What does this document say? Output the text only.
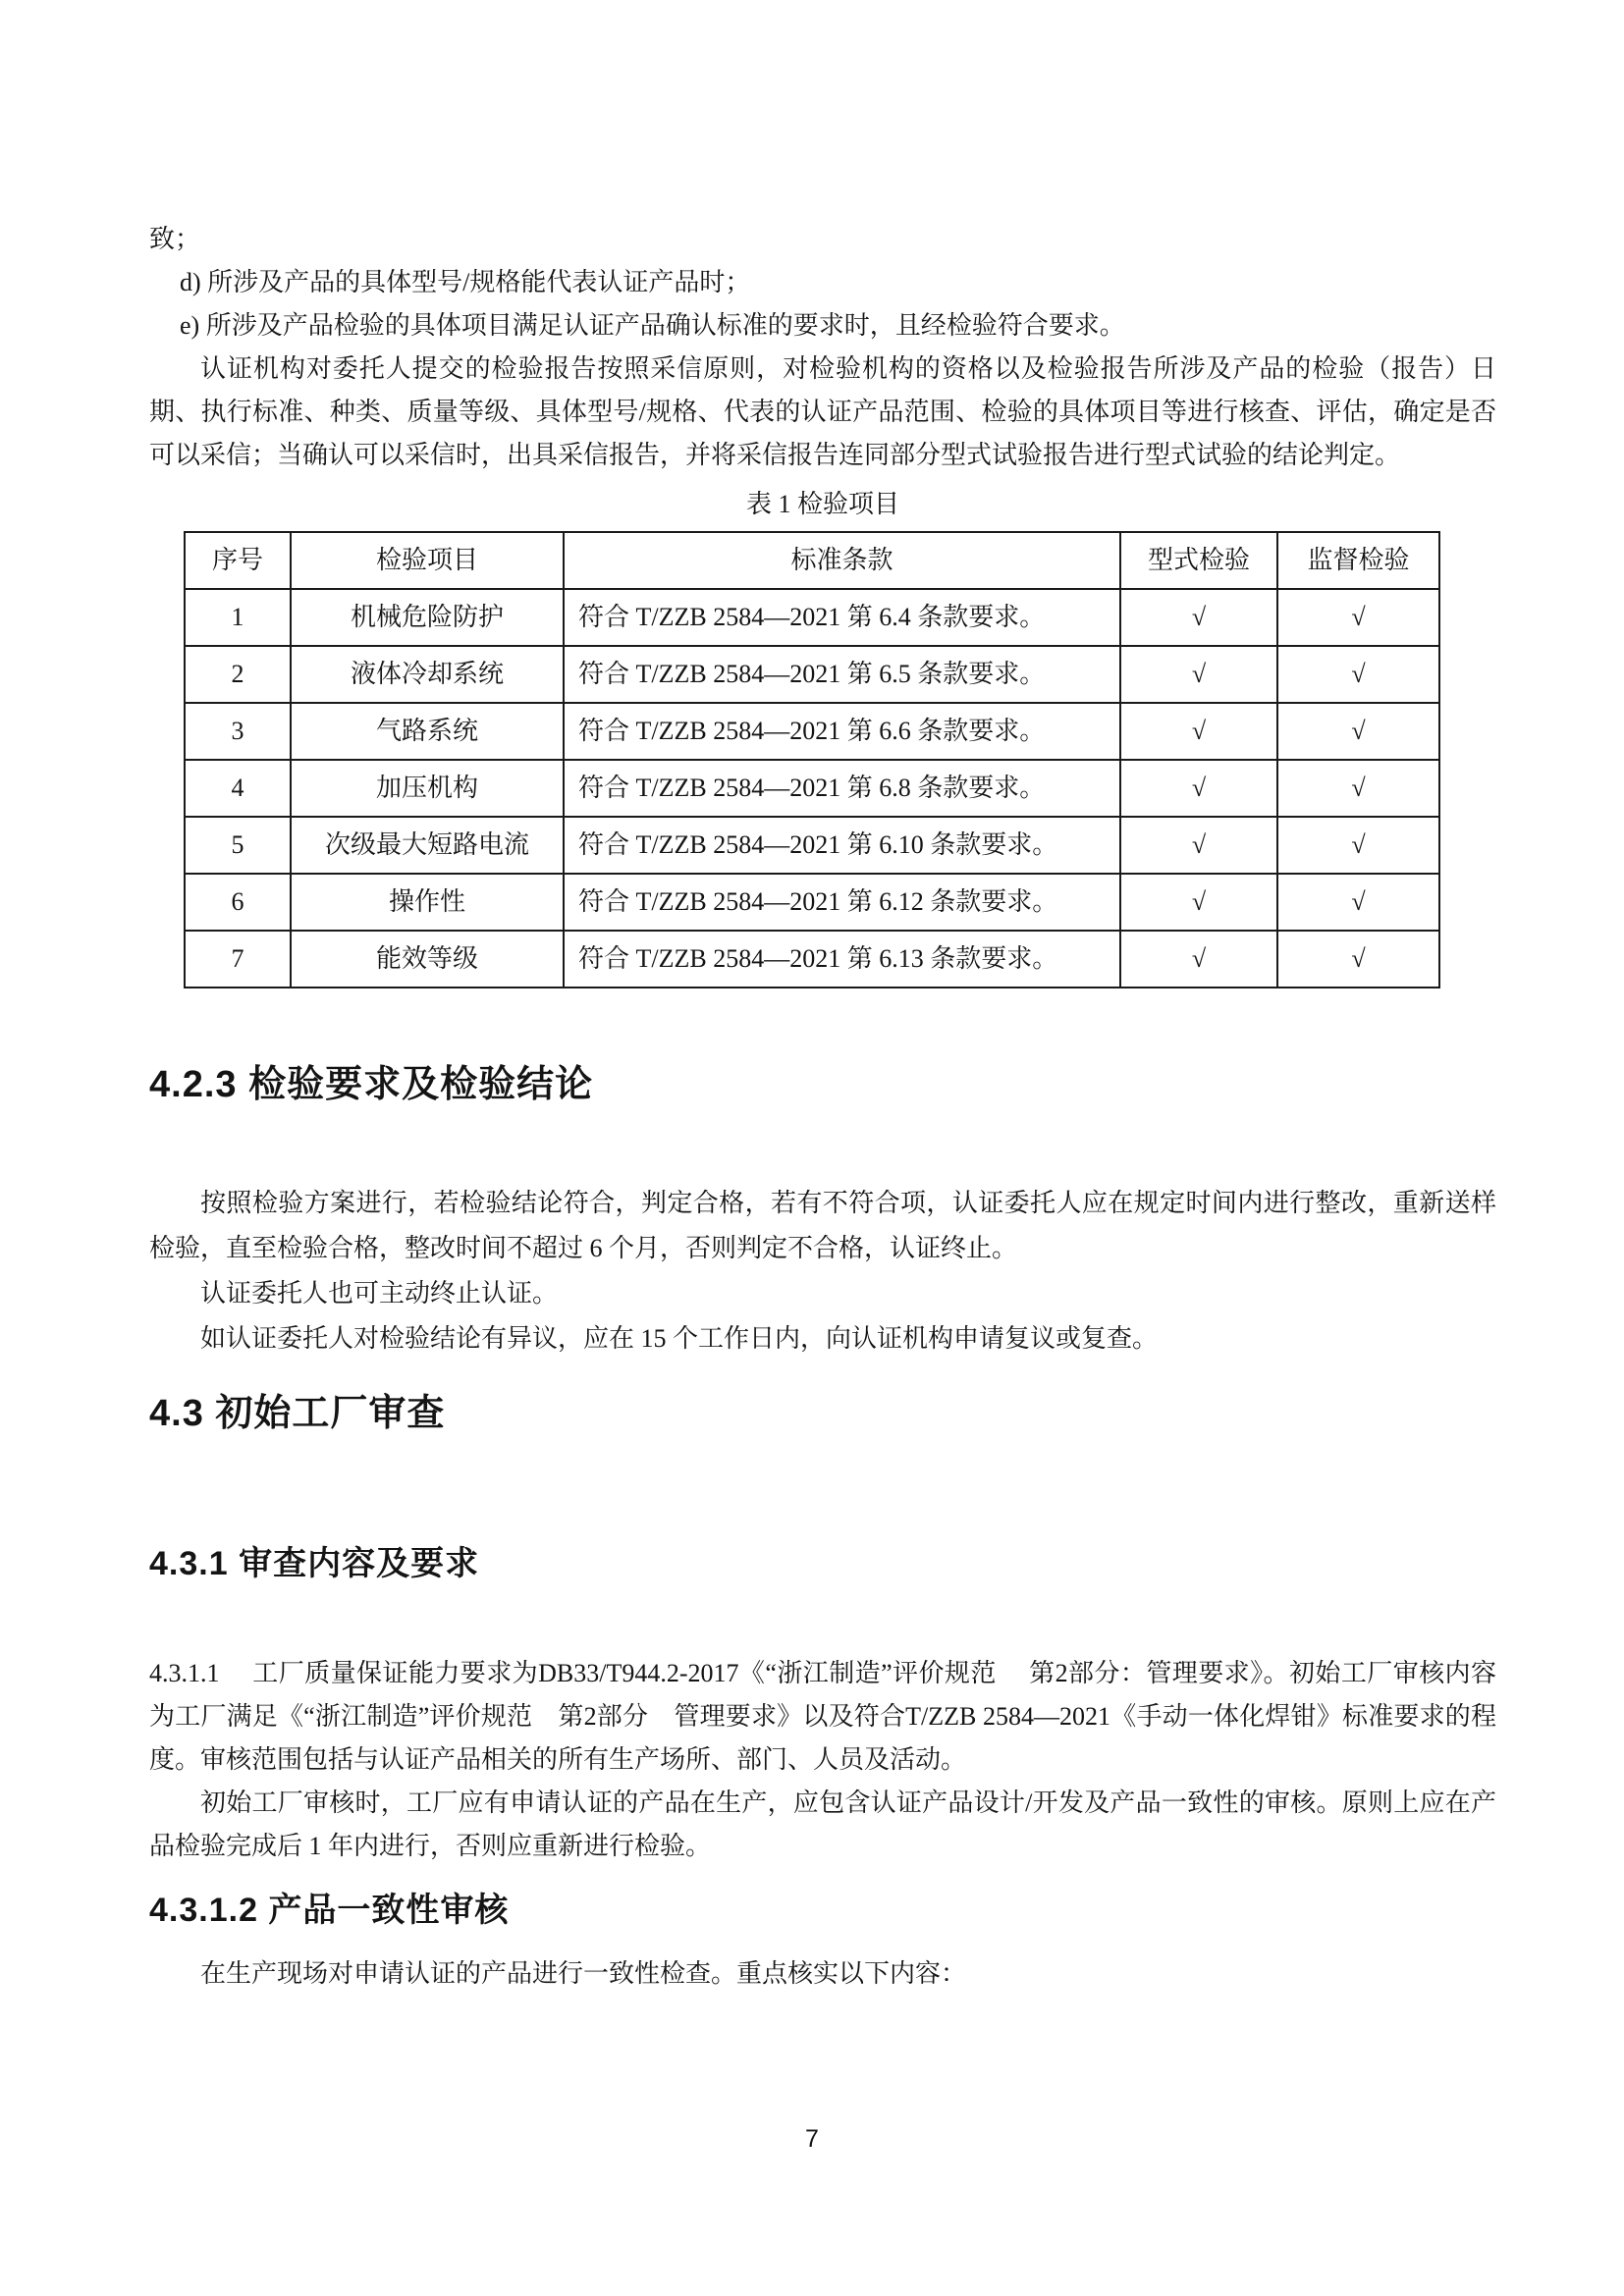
致；

d) 所涉及产品的具体型号/规格能代表认证产品时；

e) 所涉及产品检验的具体项目满足认证产品确认标准的要求时，且经检验符合要求。

认证机构对委托人提交的检验报告按照采信原则，对检验机构的资格以及检验报告所涉及产品的检验（报告）日期、执行标准、种类、质量等级、具体型号/规格、代表的认证产品范围、检验的具体项目等进行核查、评估，确定是否可以采信；当确认可以采信时，出具采信报告，并将采信报告连同部分型式试验报告进行型式试验的结论判定。

表 1 检验项目
序号	检验项目	标准条款	型式检验	监督检验
1	机械危险防护	符合 T/ZZB 2584—2021 第 6.4 条款要求。	√	√
2	液体冷却系统	符合 T/ZZB 2584—2021 第 6.5 条款要求。	√	√
3	气路系统	符合 T/ZZB 2584—2021 第 6.6 条款要求。	√	√
4	加压机构	符合 T/ZZB 2584—2021 第 6.8 条款要求。	√	√
5	次级最大短路电流	符合 T/ZZB 2584—2021 第 6.10 条款要求。	√	√
6	操作性	符合 T/ZZB 2584—2021 第 6.12 条款要求。	√	√
7	能效等级	符合 T/ZZB 2584—2021 第 6.13 条款要求。	√	√
4.2.3 检验要求及检验结论

按照检验方案进行，若检验结论符合，判定合格，若有不符合项，认证委托人应在规定时间内进行整改，重新送样检验，直至检验合格，整改时间不超过 6 个月，否则判定不合格，认证终止。

认证委托人也可主动终止认证。

如认证委托人对检验结论有异议，应在 15 个工作日内，向认证机构申请复议或复查。

4.3 初始工厂审查
4.3.1 审查内容及要求

4.3.1.1　 工厂质量保证能力要求为DB33/T944.2-2017《“浙江制造”评价规范　 第2部分：管理要求》。初始工厂审核内容为工厂满足《“浙江制造”评价规范　第2部分　管理要求》以及符合T/ZZB 2584—2021《手动一体化焊钳》标准要求的程度。审核范围包括与认证产品相关的所有生产场所、部门、人员及活动。

初始工厂审核时，工厂应有申请认证的产品在生产，应包含认证产品设计/开发及产品一致性的审核。原则上应在产品检验完成后 1 年内进行，否则应重新进行检验。

4.3.1.2 产品一致性审核

在生产现场对申请认证的产品进行一致性检查。重点核实以下内容：

7
